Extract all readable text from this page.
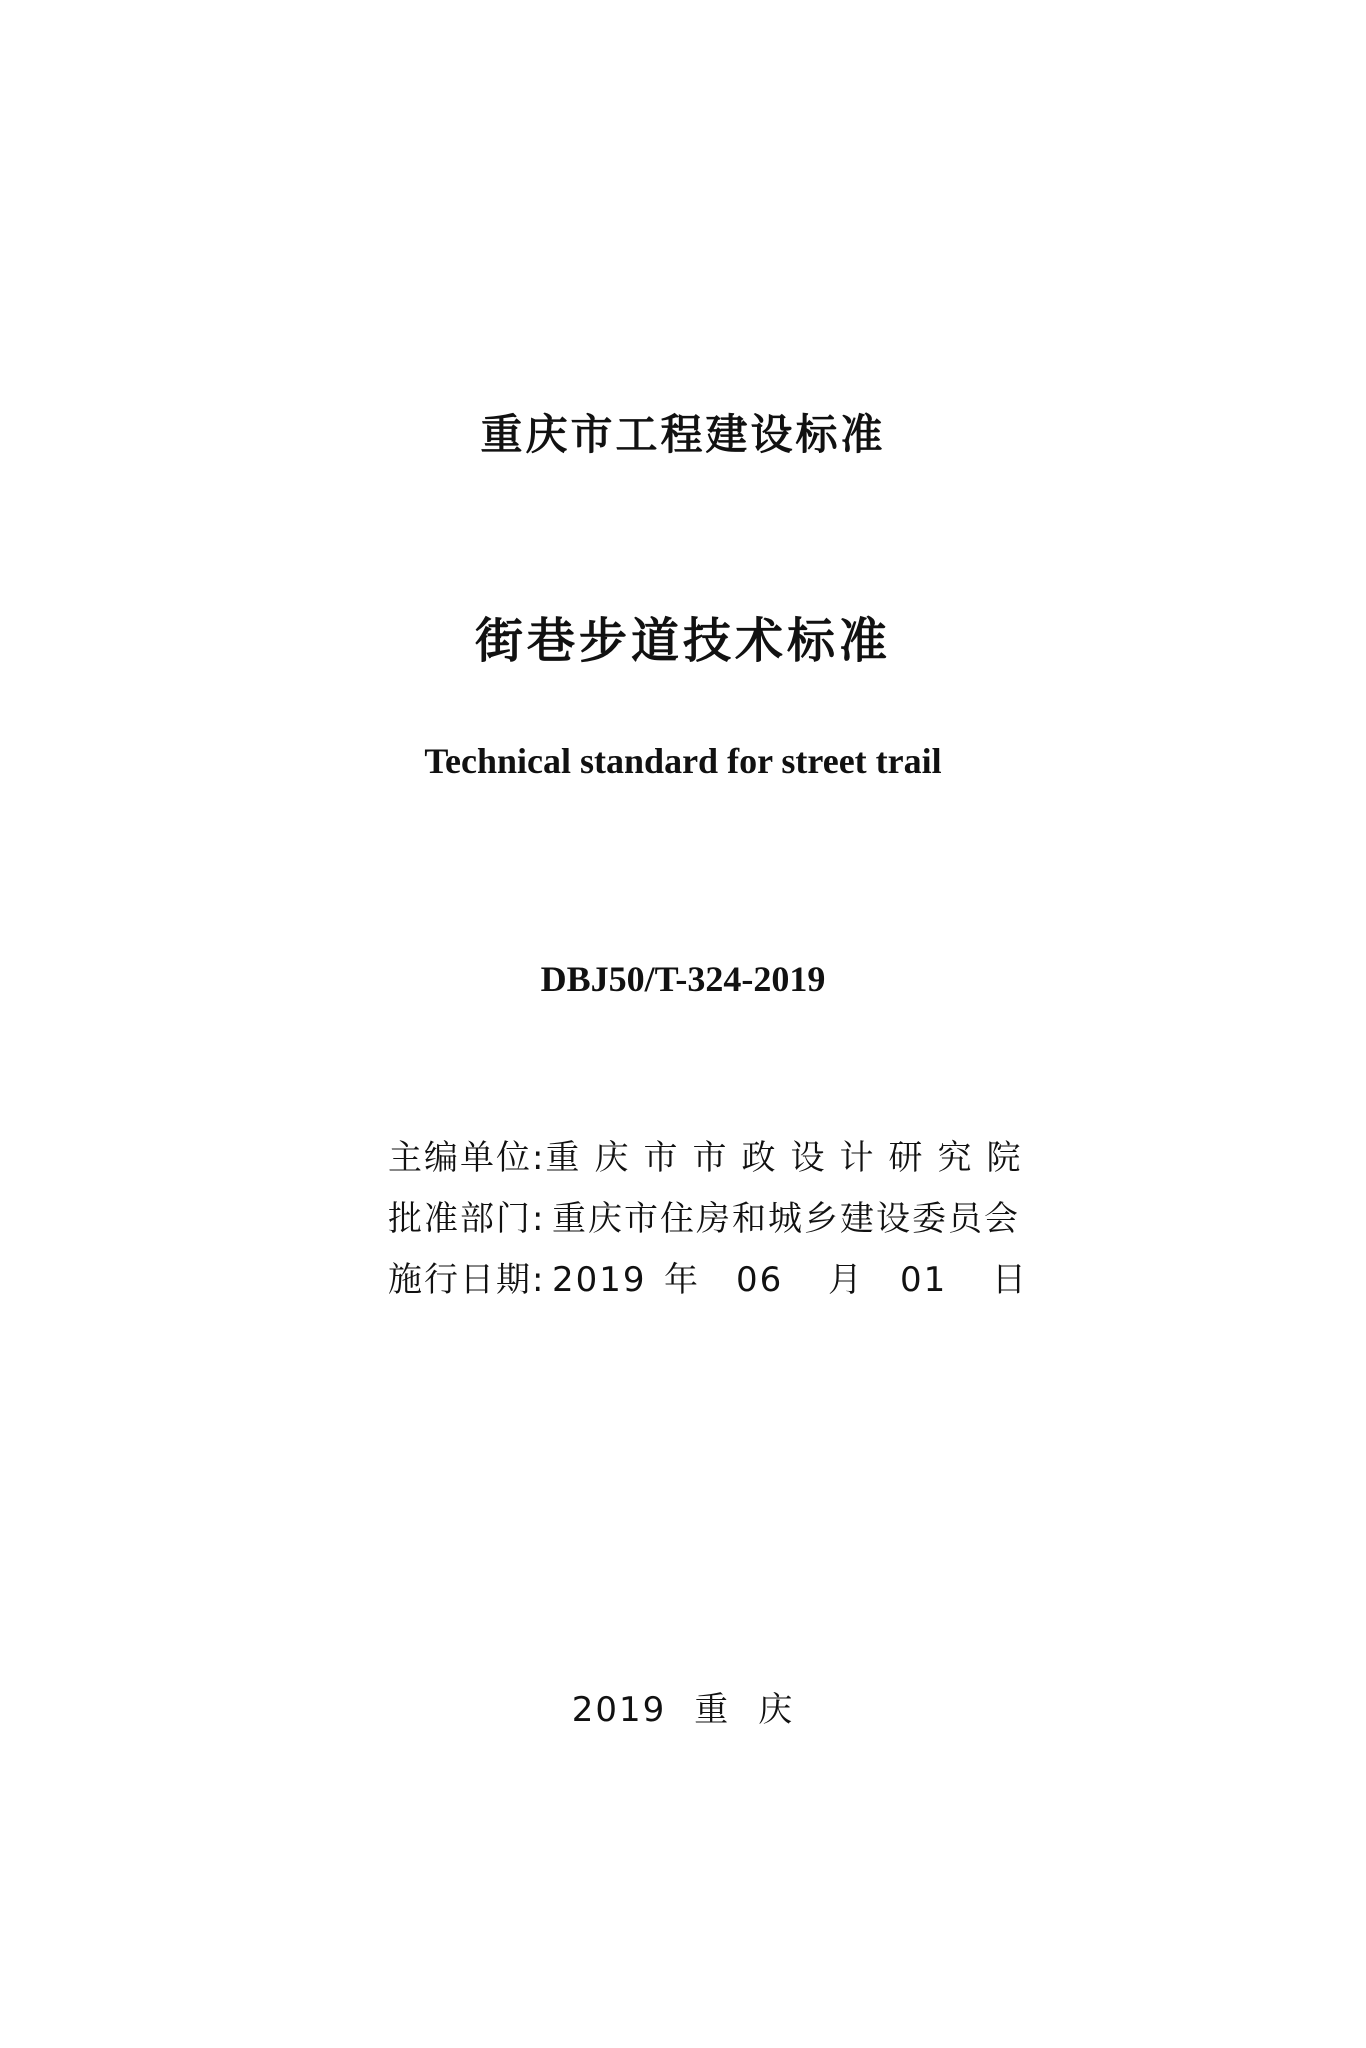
重庆市工程建设标准
街巷步道技术标准
Technical standard for street trail
DBJ50/T-324-2019
主编单位: 重庆市市政设计研究院
批准部门: 重庆市住房和城乡建设委员会
施行日期: 2019 年 06 月 01 日
2019 重 庆
